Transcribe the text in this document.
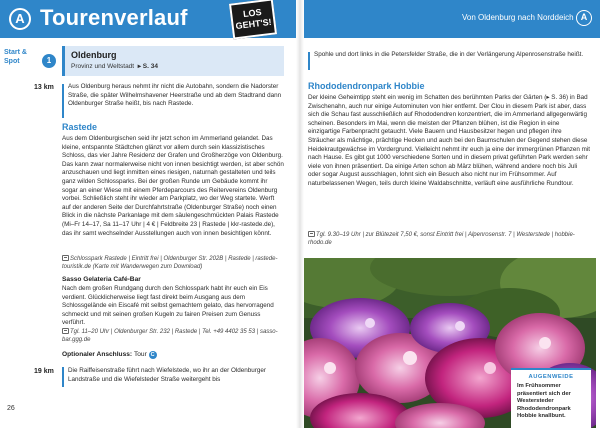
A Tourenverlauf	LOS
GEHT'S!
Start &
Spot	1
Oldenburg
Provinz und Weltstadt ▸ S. 34
13 km Aus Oldenburg heraus nehmt ihr nicht die Autobahn, sondern die Nadorster Straße, die später Wilhelmshavener Heerstraße und ab dem Stadtrand dann Oldenburger Straße heißt, bis nach Rastede.
Rastede
Aus dem Oldenburgischen seid ihr jetzt schon im Ammerland gelandet. Das kleine, entspannte Städtchen glänzt vor allem durch sein klassizistisches Schloss, das vier Jahre Residenz der Grafen und Großherzöge von Oldenburg. Das kann zwar normalerweise nicht von innen besichtigt werden, ist aber schön anzuschauen und liegt inmitten eines riesigen, naturnah gestalteten und teils ganz wilden Schlossparks. Bei der großen Runde um Gebäude kommt ihr sogar an einer Wiese mit einem Pferdeparcours des Reitervereins Oldenburg vorbei. Schließlich steht ihr wieder am Parkplatz, wo der Weg startete. Werft auf der anderen Seite der Durchfahrtstraße (Oldenburger Straße) noch einen Blick in die nächste Parkanlage mit dem säulengeschmückten Palais Rastede (Mi–Fr 14–17, Sa 11–17 Uhr | 4 € | Feldbreite 23 | Rastede | kkr-rastede.de), das ihr samt wechselnder Ausstellungen auch von innen besichtigen könnt.
Schlosspark Rastede | Eintritt frei | Oldenburger Str. 202B | Rastede | rastede-touristik.de (Karte mit Wanderwegen zum Download)
Sasso Gelateria Café-Bar
Nach dem großen Rundgang durch den Schlosspark habt ihr euch ein Eis verdient. Glücklicherweise liegt fast direkt beim Ausgang aus dem Schlossgelände ein Eiscafé mit selbst gemachtem gelato, das hervorragend schmeckt und mit seinen großen Kugeln zu fairen Preisen zum Genuss verführt.
Tgl. 11–20 Uhr | Oldenburger Str. 232 | Rastede | Tel. +49 4402 35 53 | sasso-bar.ggg.de
Optionaler Anschluss: Tour C
19 km Die Raiffeisenstraße führt nach Wiefelstede, wo ihr an der Oldenburger Landstraße und die Wiefelsteder Straße weitergeht bis
26
Von Oldenburg nach Norddeich A
Spohle und dort links in die Petersfelder Straße, die in der Verlängerung Alpenrosenstraße heißt.
Rhododendronpark Hobbie
Der kleine Geheimtipp steht ein wenig im Schatten des berühmten Parks der Gärten (▸ S. 36) in Bad Zwischenahn, auch nur einige Autominuten von hier entfernt. Der Clou in diesem Park ist aber, dass sich die Schau fast ausschließlich auf Rhododendren konzentriert, die im Ammerland allgegenwärtig scheinen. Besonders im Mai, wenn die meisten der Pflanzen blühen, ist die Region in eine einzigartige Farbenpracht getaucht. Viele Bauern und Hausbesitzer hegen und pflegen ihre Sträucher als mächtige, prächtige Hecken und auch bei den Baumschulen der Gegend stehen diese Heidekrautgewächse im Vordergrund. Vielleicht nehmt ihr euch ja eine der immergrünen Pflanzen mit nach Hause. Es gibt gut 1000 verschiedene Sorten und in diesem privat geführten Park werden sehr viele von ihnen präsentiert. Da einige Arten schon ab März blühen, während andere noch bis Juli oder sogar August ausschlagen, lohnt sich ein Besuch also nicht nur im Frühsommer. Auf naturbelassenen Wegen, teils durch kleine Waldabschnitte, verläuft eine ausführliche Rundtour.
Tgl. 9.30–19 Uhr | zur Blütezeit 7,50 €, sonst Eintritt frei | Alpenrosenstr. 7 | Westerstede | hobbie-rhodo.de
AUGENWEIDE
Im Frühsommer präsentiert sich der Westersteder Rhododendronpark Hobbie knallbunt.
